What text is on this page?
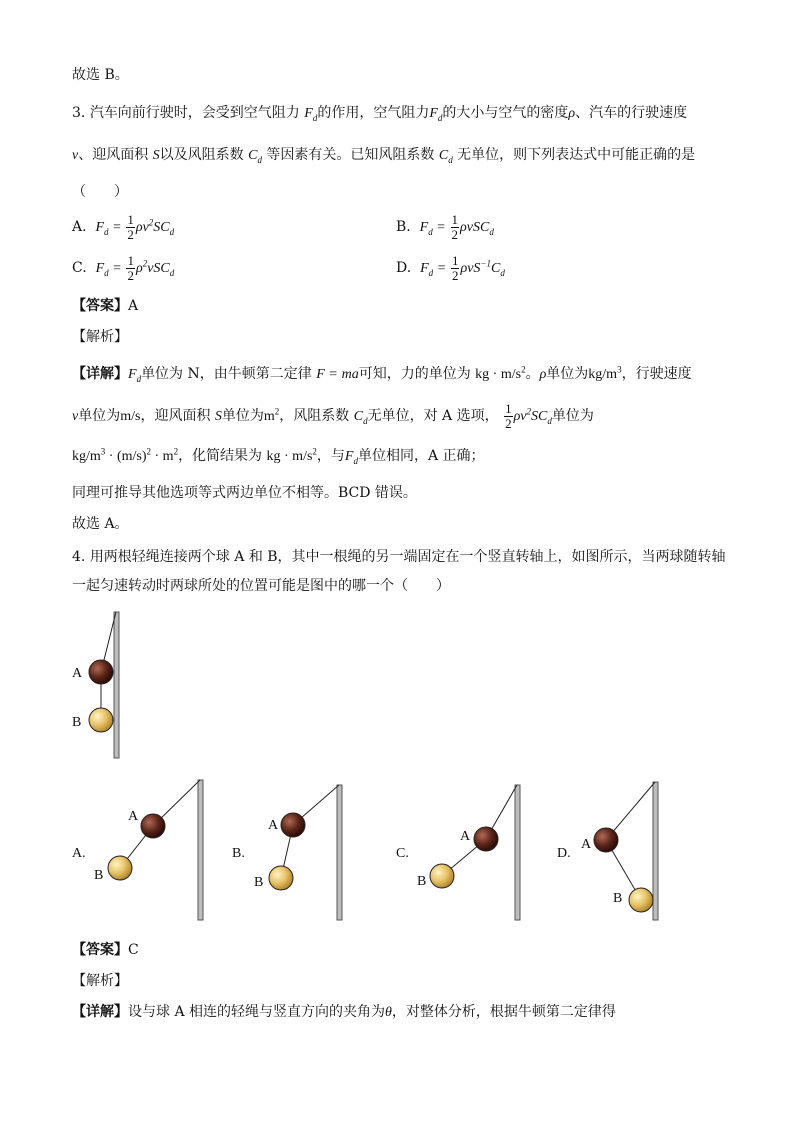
故选 B。
3. 汽车向前行驶时，会受到空气阻力 $F_d$的作用，空气阻力$F_d$的大小与空气的密度ρ、汽车的行驶速度
v、迎风面积 S以及风阻系数 $C_d$ 等因素有关。已知风阻系数 $C_d$ 无单位，则下列表达式中可能正确的是
（　　）
A. $F_d = \frac{1}{2} \rho v^2SC_d$	B. $F_d = \frac{1}{2} \rho vSC_d$
C. $F_d = \frac{1}{2} \rho^2vSC_d$	D. $F_d = \frac{1}{2} \rho vS^{-1}C_d$
【答案】A
【解析】
【详解】$F_d$单位为 N，由牛顿第二定律 F = ma可知，力的单位为 kg · $m/s^2$。ρ单位为$kg/m^3$，行驶速度
v单位为m/s，迎风面积 S单位为$m^2$，风阻系数 $C_d$无单位，对 A 选项， $\frac{1}{2} \rho v^2SC_d$单位为
$kg/m^3 \cdot (m/s)^2 \cdot m^2$，化简结果为 kg · $m/s^2$，与$F_d$单位相同，A 正确；
同理可推导其他选项等式两边单位不相等。BCD 错误。
故选 A。
4. 用两根轻绳连接两个球 A 和 B，其中一根绳的另一端固定在一个竖直转轴上，如图所示，当两球随转轴
一起匀速转动时两球所处的位置可能是图中的哪一个（　　）
A
B
A
B
A.
A
B
B.
A
B
C.
A
B
D.
【答案】C
【解析】
【详解】设与球 A 相连的轻绳与竖直方向的夹角为θ，对整体分析，根据牛顿第二定律得
